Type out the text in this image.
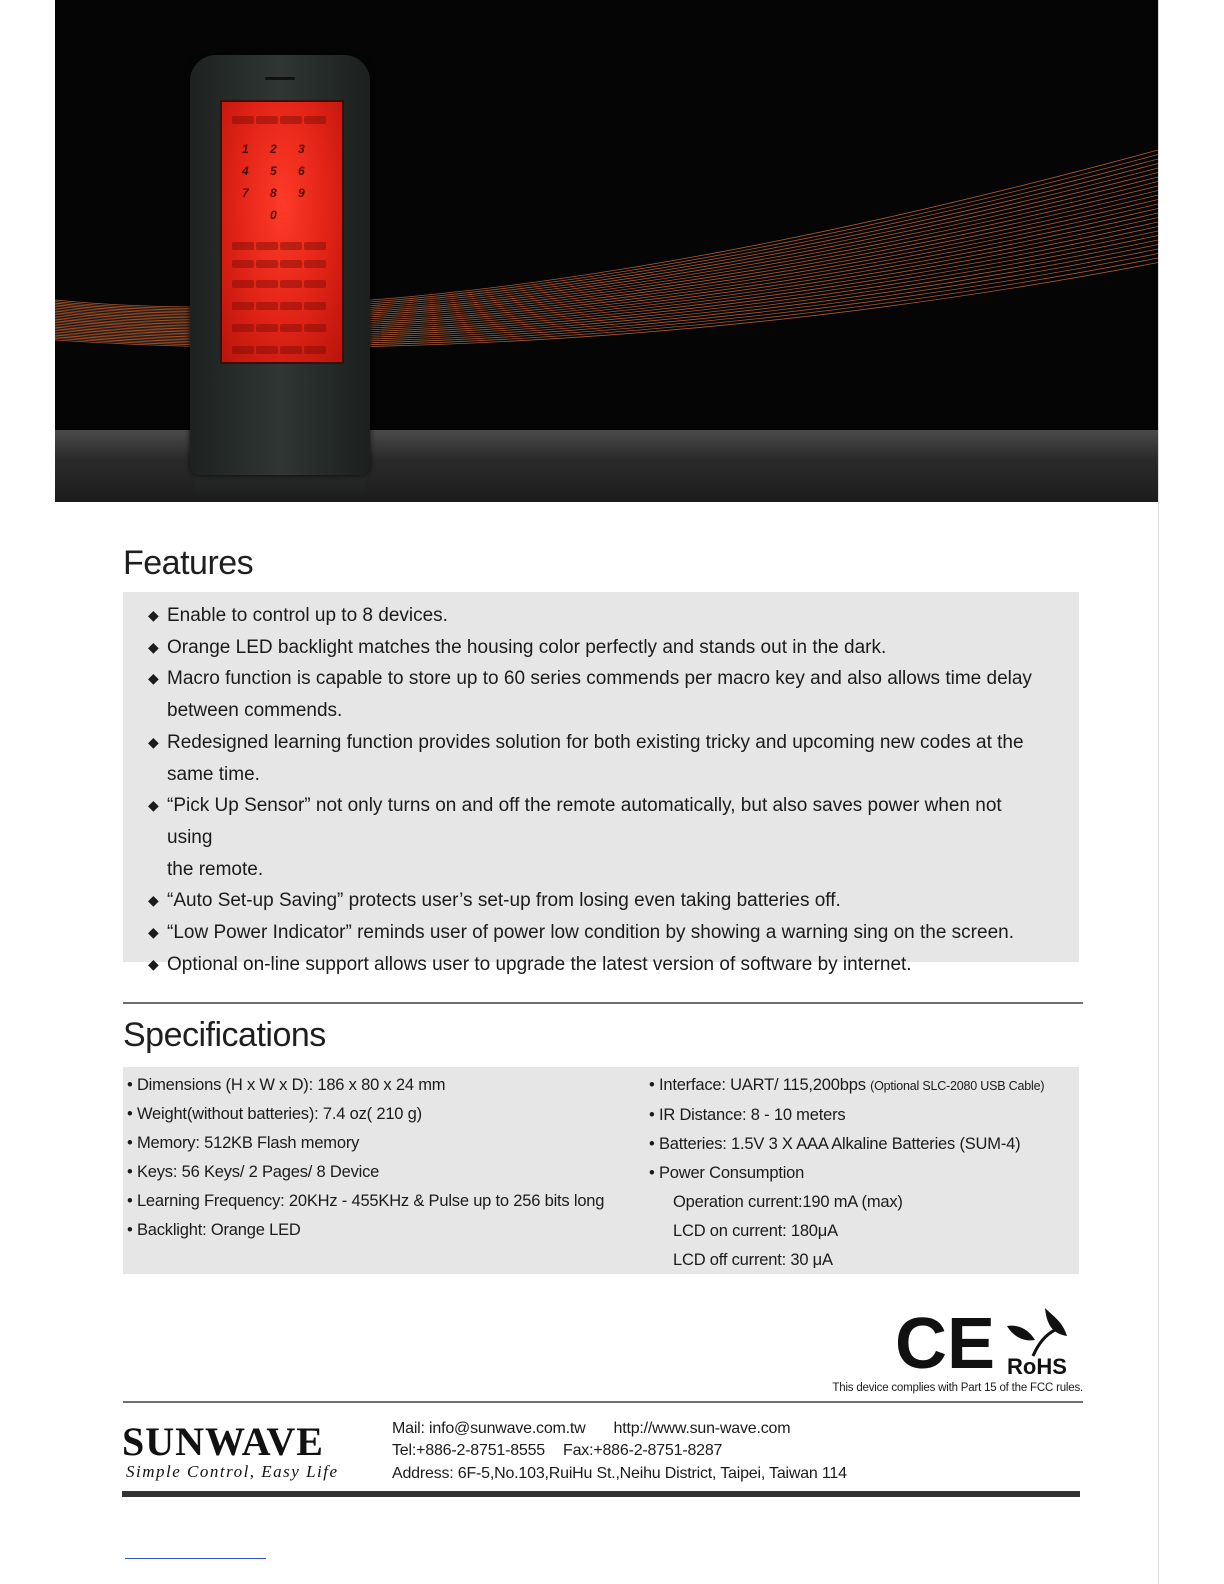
1 2 3
4 5 6
7 8 9
0
Features
◆ Enable to control up to 8 devices.
◆ Orange LED backlight matches the housing color perfectly and stands out in the dark.
◆ Macro function is capable to store up to 60 series commends per macro key and also allows time delay
between commends.
◆ Redesigned learning function provides solution for both existing tricky and upcoming new codes at the
same time.
◆ “Pick Up Sensor” not only turns on and off the remote automatically, but also saves power when not using
the remote.
◆ “Auto Set-up Saving” protects user’s set-up from losing even taking batteries off.
◆ “Low Power Indicator” reminds user of power low condition by showing a warning sing on the screen.
◆ Optional on-line support allows user to upgrade the latest version of software by internet.
Specifications
• Dimensions (H x W x D): 186 x 80 x 24 mm
• Weight(without batteries): 7.4 oz( 210 g)
• Memory: 512KB Flash memory
• Keys: 56 Keys/ 2 Pages/ 8 Device
• Learning Frequency: 20KHz - 455KHz & Pulse up to 256 bits long
• Backlight: Orange LED
• Interface: UART/ 115,200bps (Optional SLC-2080 USB Cable)
• IR Distance: 8 - 10 meters
• Batteries: 1.5V 3 X AAA Alkaline Batteries (SUM-4)
• Power Consumption
Operation current:190 mA (max)
LCD on current: 180μA
LCD off current: 30 μA
CE RoHS
This device complies with Part 15 of the FCC rules.
SUNWAVE
Simple Control, Easy Life
Mail: info@sunwave.com.tw http://www.sun-wave.com
Tel:+886-2-8751-8555 Fax:+886-2-8751-8287
Address: 6F-5,No.103,RuiHu St.,Neihu District, Taipei, Taiwan 114
